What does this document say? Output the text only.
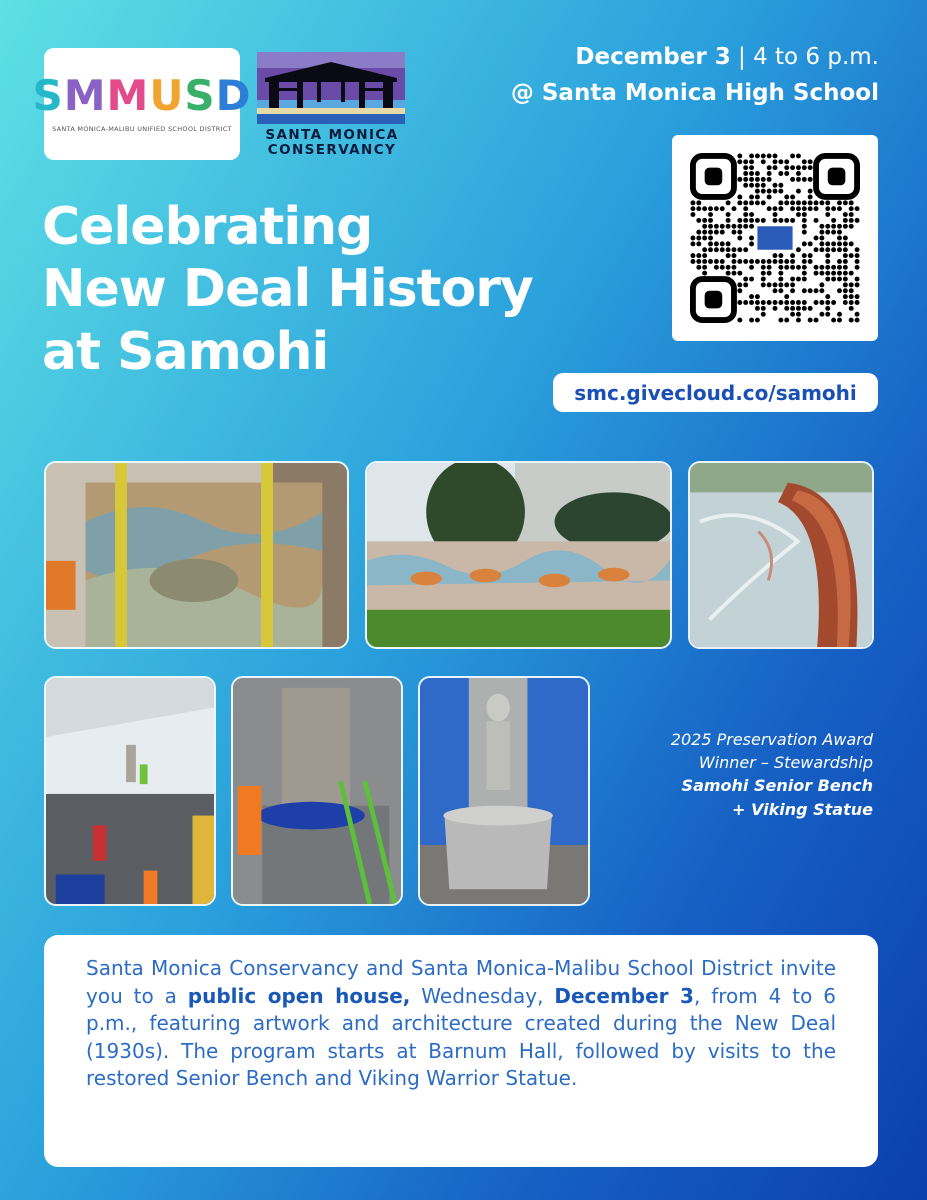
SMMUSD
SANTA MONICA-MALIBU UNIFIED SCHOOL DISTRICT	SANTA MONICA
CONSERVANCY
December 3 | 4 to 6 p.m.
@ Santa Monica High School
Celebrating
New Deal History
at Samohi
smc.givecloud.co/samohi
2025 Preservation Award
Winner – Stewardship
Samohi Senior Bench
+ Viking Statue
Santa Monica Conservancy and Santa Monica-Malibu School District invite you to a public open house, Wednesday, December 3, from 4 to 6 p.m., featuring artwork and architecture created during the New Deal (1930s). The program starts at Barnum Hall, followed by visits to the restored Senior Bench and Viking Warrior Statue.
